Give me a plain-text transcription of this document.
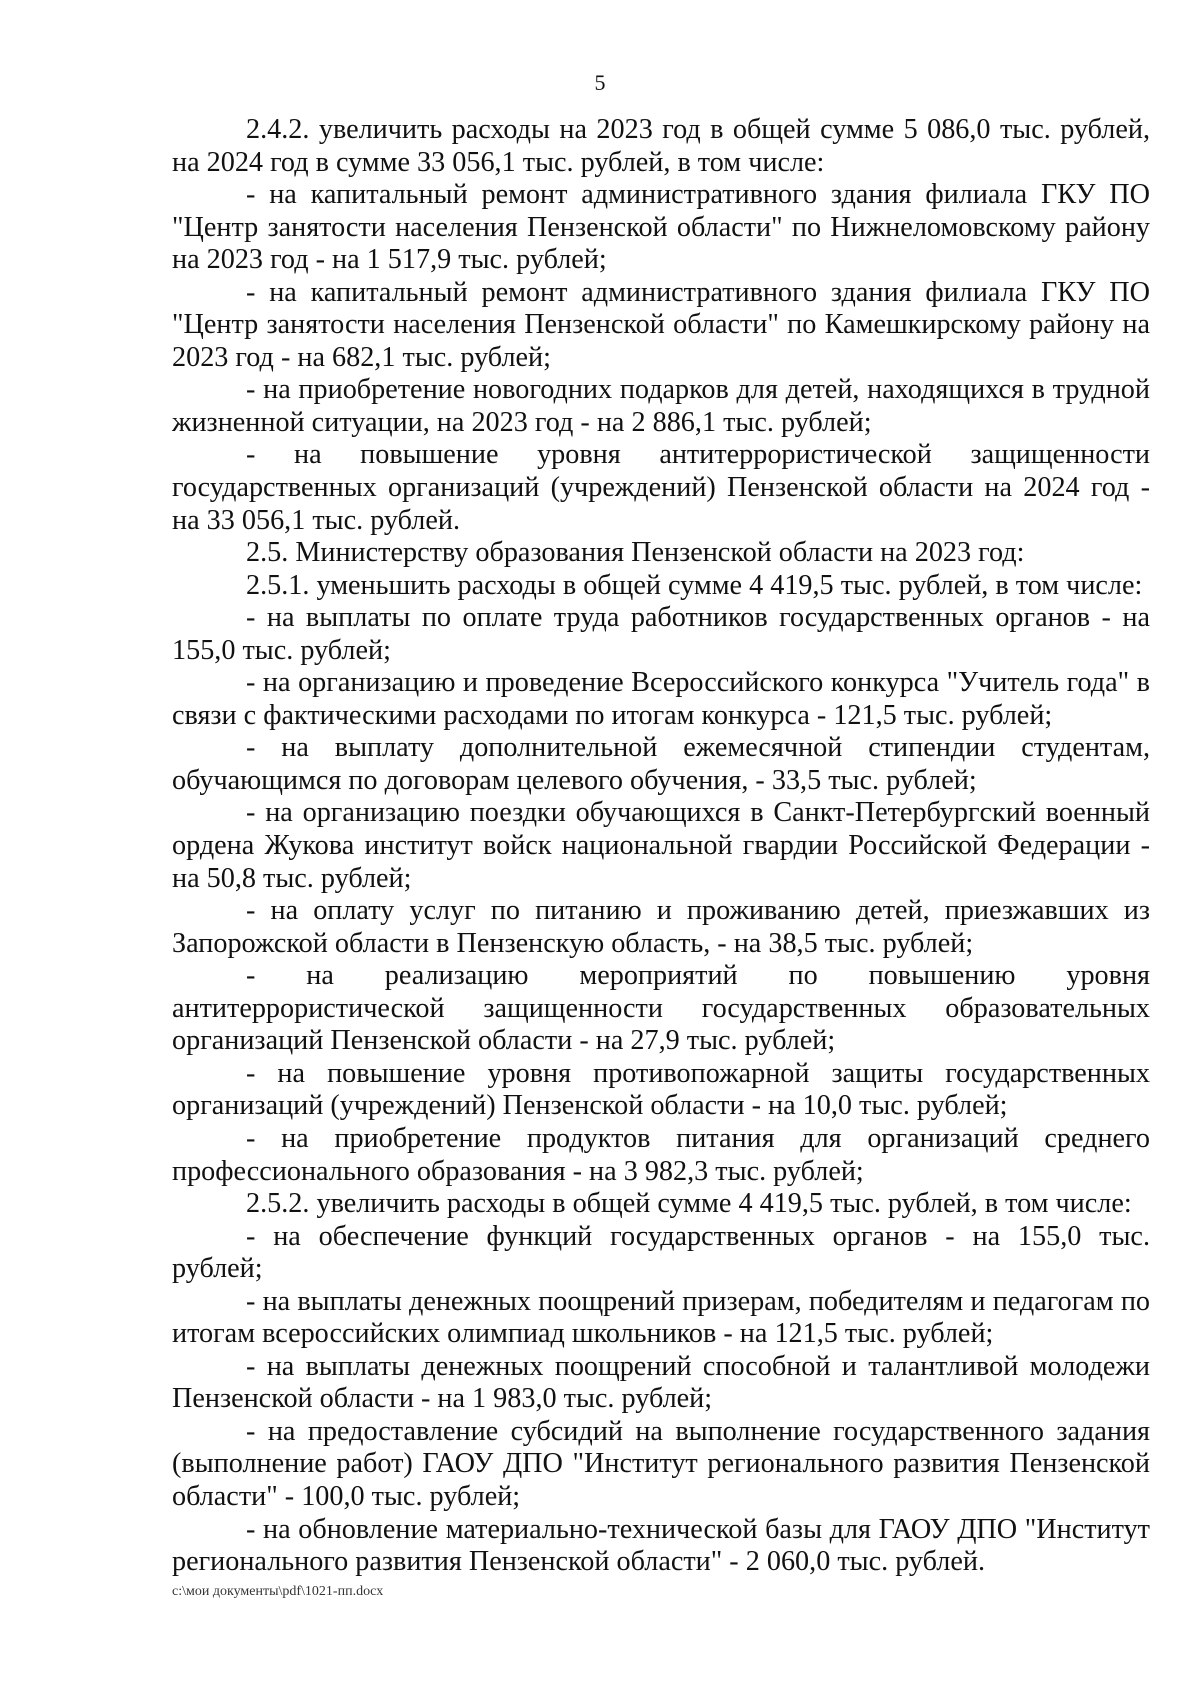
5

2.4.2. увеличить расходы на 2023 год в общей сумме 5 086,0 тыс. рублей, на 2024 год в сумме 33 056,1 тыс. рублей, в том числе:

- на капитальный ремонт административного здания филиала ГКУ ПО "Центр занятости населения Пензенской области" по Нижнеломовскому району на 2023 год - на 1 517,9 тыс. рублей;

- на капитальный ремонт административного здания филиала ГКУ ПО "Центр занятости населения Пензенской области" по Камешкирскому району на 2023 год - на 682,1 тыс. рублей;

- на приобретение новогодних подарков для детей, находящихся в трудной жизненной ситуации, на 2023 год - на 2 886,1 тыс. рублей;

- на повышение уровня антитеррористической защищенности государственных организаций (учреждений) Пензенской области на 2024 год - на 33 056,1 тыс. рублей.

2.5. Министерству образования Пензенской области на 2023 год:

2.5.1. уменьшить расходы в общей сумме 4 419,5 тыс. рублей, в том числе:

- на выплаты по оплате труда работников государственных органов - на 155,0 тыс. рублей;

- на организацию и проведение Всероссийского конкурса "Учитель года" в связи с фактическими расходами по итогам конкурса - 121,5 тыс. рублей;

- на выплату дополнительной ежемесячной стипендии студентам, обучающимся по договорам целевого обучения, - 33,5 тыс. рублей;

- на организацию поездки обучающихся в Санкт-Петербургский военный ордена Жукова институт войск национальной гвардии Российской Федерации - на 50,8 тыс. рублей;

- на оплату услуг по питанию и проживанию детей, приезжавших из Запорожской области в Пензенскую область, - на 38,5 тыс. рублей;

- на реализацию мероприятий по повышению уровня антитеррористической защищенности государственных образовательных организаций Пензенской области - на 27,9 тыс. рублей;

- на повышение уровня противопожарной защиты государственных организаций (учреждений) Пензенской области - на 10,0 тыс. рублей;

- на приобретение продуктов питания для организаций среднего профессионального образования - на 3 982,3 тыс. рублей;

2.5.2. увеличить расходы в общей сумме 4 419,5 тыс. рублей, в том числе:

- на обеспечение функций государственных органов - на 155,0 тыс. рублей;

- на выплаты денежных поощрений призерам, победителям и педагогам по итогам всероссийских олимпиад школьников - на 121,5 тыс. рублей;

- на выплаты денежных поощрений способной и талантливой молодежи Пензенской области - на 1 983,0 тыс. рублей;

- на предоставление субсидий на выполнение государственного задания (выполнение работ) ГАОУ ДПО "Институт регионального развития Пензенской области" - 100,0 тыс. рублей;

- на обновление материально-технической базы для ГАОУ ДПО "Институт регионального развития Пензенской области" - 2 060,0 тыс. рублей.

c:\мои документы\pdf\1021-пп.docx
